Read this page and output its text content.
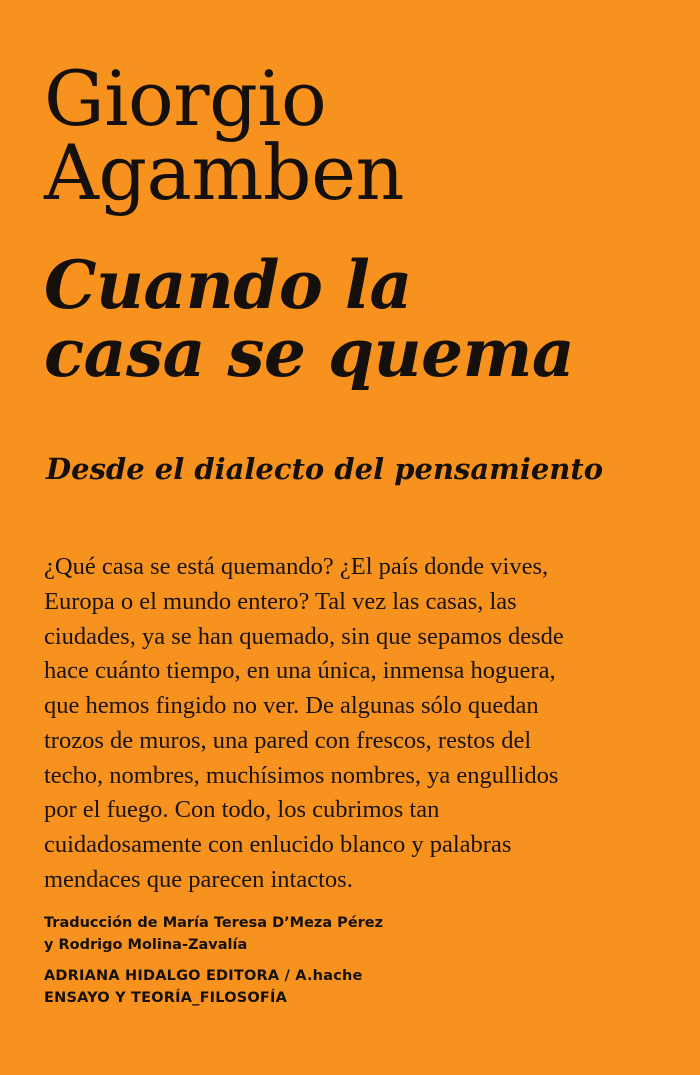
Giorgio
Agamben
Cuando la
casa se quema
Desde el dialecto del pensamiento
¿Qué casa se está quemando? ¿El país donde vives, Europa o el mundo entero? Tal vez las casas, las ciudades, ya se han quemado, sin que sepamos desde hace cuánto tiempo, en una única, inmensa hoguera, que hemos fingido no ver. De algunas sólo quedan trozos de muros, una pared con frescos, restos del techo, nombres, muchísimos nombres, ya engullidos por el fuego. Con todo, los cubrimos tan cuidadosamente con enlucido blanco y palabras mendaces que parecen intactos.
Traducción de María Teresa D’Meza Pérez
y Rodrigo Molina-Zavalía
ADRIANA HIDALGO EDITORA / A.hache
ENSAYO Y TEORÍA_FILOSOFÍA
